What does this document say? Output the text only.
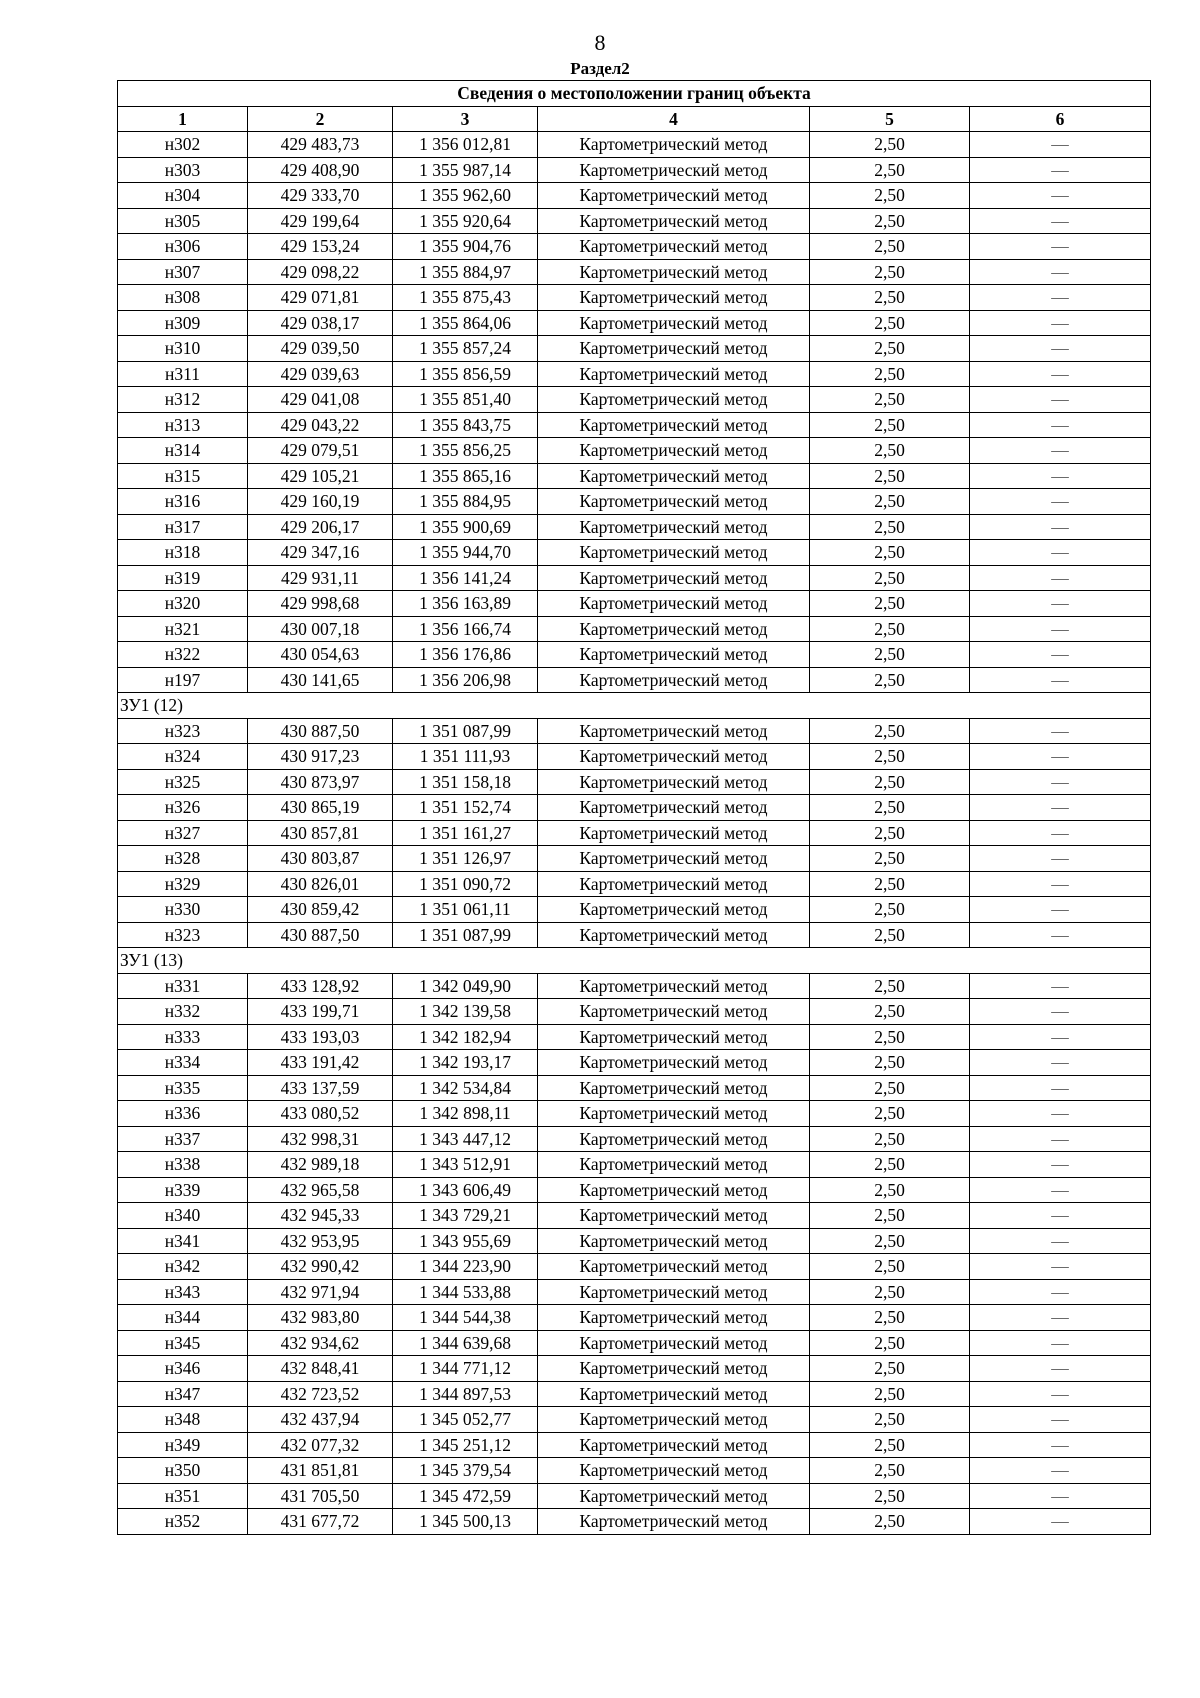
8
Раздел2
Сведения о местоположении границ объекта					
1	2	3	4	5	6
н302	429 483,73	1 356 012,81	Картометрический метод	2,50	—
н303	429 408,90	1 355 987,14	Картометрический метод	2,50	—
н304	429 333,70	1 355 962,60	Картометрический метод	2,50	—
н305	429 199,64	1 355 920,64	Картометрический метод	2,50	—
н306	429 153,24	1 355 904,76	Картометрический метод	2,50	—
н307	429 098,22	1 355 884,97	Картометрический метод	2,50	—
н308	429 071,81	1 355 875,43	Картометрический метод	2,50	—
н309	429 038,17	1 355 864,06	Картометрический метод	2,50	—
н310	429 039,50	1 355 857,24	Картометрический метод	2,50	—
н311	429 039,63	1 355 856,59	Картометрический метод	2,50	—
н312	429 041,08	1 355 851,40	Картометрический метод	2,50	—
н313	429 043,22	1 355 843,75	Картометрический метод	2,50	—
н314	429 079,51	1 355 856,25	Картометрический метод	2,50	—
н315	429 105,21	1 355 865,16	Картометрический метод	2,50	—
н316	429 160,19	1 355 884,95	Картометрический метод	2,50	—
н317	429 206,17	1 355 900,69	Картометрический метод	2,50	—
н318	429 347,16	1 355 944,70	Картометрический метод	2,50	—
н319	429 931,11	1 356 141,24	Картометрический метод	2,50	—
н320	429 998,68	1 356 163,89	Картометрический метод	2,50	—
н321	430 007,18	1 356 166,74	Картометрический метод	2,50	—
н322	430 054,63	1 356 176,86	Картометрический метод	2,50	—
н197	430 141,65	1 356 206,98	Картометрический метод	2,50	—
ЗУ1 (12)					
н323	430 887,50	1 351 087,99	Картометрический метод	2,50	—
н324	430 917,23	1 351 111,93	Картометрический метод	2,50	—
н325	430 873,97	1 351 158,18	Картометрический метод	2,50	—
н326	430 865,19	1 351 152,74	Картометрический метод	2,50	—
н327	430 857,81	1 351 161,27	Картометрический метод	2,50	—
н328	430 803,87	1 351 126,97	Картометрический метод	2,50	—
н329	430 826,01	1 351 090,72	Картометрический метод	2,50	—
н330	430 859,42	1 351 061,11	Картометрический метод	2,50	—
н323	430 887,50	1 351 087,99	Картометрический метод	2,50	—
ЗУ1 (13)					
н331	433 128,92	1 342 049,90	Картометрический метод	2,50	—
н332	433 199,71	1 342 139,58	Картометрический метод	2,50	—
н333	433 193,03	1 342 182,94	Картометрический метод	2,50	—
н334	433 191,42	1 342 193,17	Картометрический метод	2,50	—
н335	433 137,59	1 342 534,84	Картометрический метод	2,50	—
н336	433 080,52	1 342 898,11	Картометрический метод	2,50	—
н337	432 998,31	1 343 447,12	Картометрический метод	2,50	—
н338	432 989,18	1 343 512,91	Картометрический метод	2,50	—
н339	432 965,58	1 343 606,49	Картометрический метод	2,50	—
н340	432 945,33	1 343 729,21	Картометрический метод	2,50	—
н341	432 953,95	1 343 955,69	Картометрический метод	2,50	—
н342	432 990,42	1 344 223,90	Картометрический метод	2,50	—
н343	432 971,94	1 344 533,88	Картометрический метод	2,50	—
н344	432 983,80	1 344 544,38	Картометрический метод	2,50	—
н345	432 934,62	1 344 639,68	Картометрический метод	2,50	—
н346	432 848,41	1 344 771,12	Картометрический метод	2,50	—
н347	432 723,52	1 344 897,53	Картометрический метод	2,50	—
н348	432 437,94	1 345 052,77	Картометрический метод	2,50	—
н349	432 077,32	1 345 251,12	Картометрический метод	2,50	—
н350	431 851,81	1 345 379,54	Картометрический метод	2,50	—
н351	431 705,50	1 345 472,59	Картометрический метод	2,50	—
н352	431 677,72	1 345 500,13	Картометрический метод	2,50	—
